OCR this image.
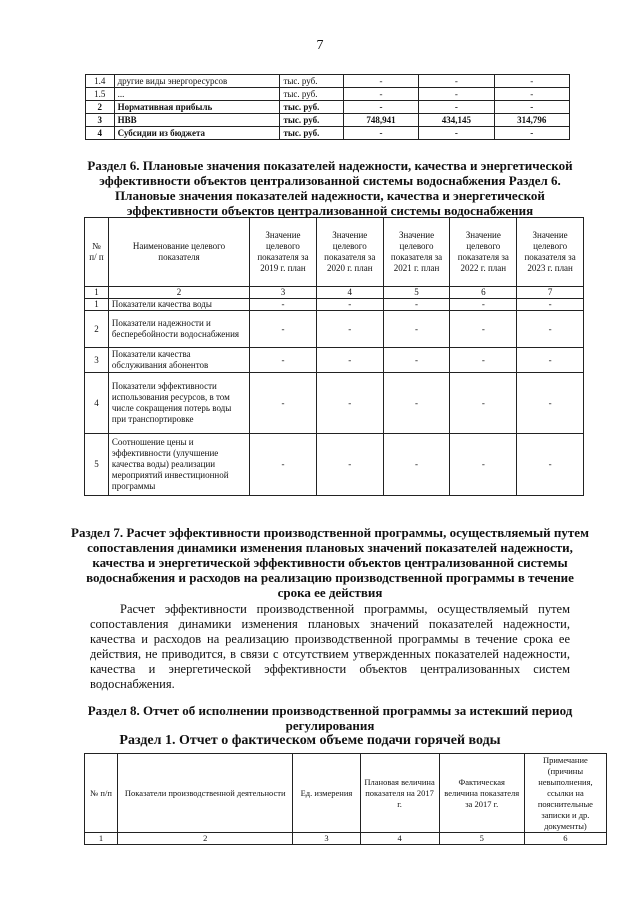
7
1.4	другие виды энергоресурсов	тыс. руб.	-	-	-
1.5	...	тыс. руб.	-	-	-
2	Нормативная прибыль	тыс. руб.	-	-	-
3	НВВ	тыс. руб.	748,941	434,145	314,796
4	Субсидии из бюджета	тыс. руб.	-	-	-
Раздел 6. Плановые значения показателей надежности, качества и энергетической эффективности объектов централизованной системы водоснабжения Раздел 6. Плановые значения показателей надежности, качества и энергетической эффективности объектов централизованной системы водоснабжения
№ п/ п	Наименование целевого показателя	Значение целевого показателя за 2019 г. план	Значение целевого показателя за 2020 г. план	Значение целевого показателя за 2021 г. план	Значение целевого показателя за 2022 г. план	Значение целевого показателя за 2023 г. план
1	2	3	4	5	6	7
1	Показатели качества воды	-	-	-	-	-
2	Показатели надежности и бесперебойности водоснабжения	-	-	-	-	-
3	Показатели качества обслуживания абонентов	-	-	-	-	-
4	Показатели эффективности использования ресурсов, в том числе сокращения потерь воды при транспортировке	-	-	-	-	-
5	Соотношение цены и эффективности (улучшение качества воды) реализации мероприятий инвестиционной программы	-	-	-	-	-
Раздел 7. Расчет эффективности производственной программы, осуществляемый путем сопоставления динамики изменения плановых значений показателей надежности, качества и энергетической эффективности объектов централизованной системы водоснабжения и расходов на реализацию производственной программы в течение срока ее действия
Расчет эффективности производственной программы, осуществляемый путем сопоставления динамики изменения плановых значений показателей надежности, качества и расходов на реализацию производственной программы в течение срока ее действия, не приводится, в связи с отсутствием утвержденных показателей надежности, качества и энергетической эффективности объектов централизованных систем водоснабжения.
Раздел 8. Отчет об исполнении производственной программы за истекший период регулирования
Раздел 1. Отчет о фактическом объеме подачи горячей воды
№ п/п	Показатели производственной деятельности	Ед. измерения	Плановая величина показателя на 2017 г.	Фактическая величина показателя за 2017 г.	Примечание (причины невыполнения, ссылки на пояснительные записки и др. документы)
1	2	3	4	5	6
